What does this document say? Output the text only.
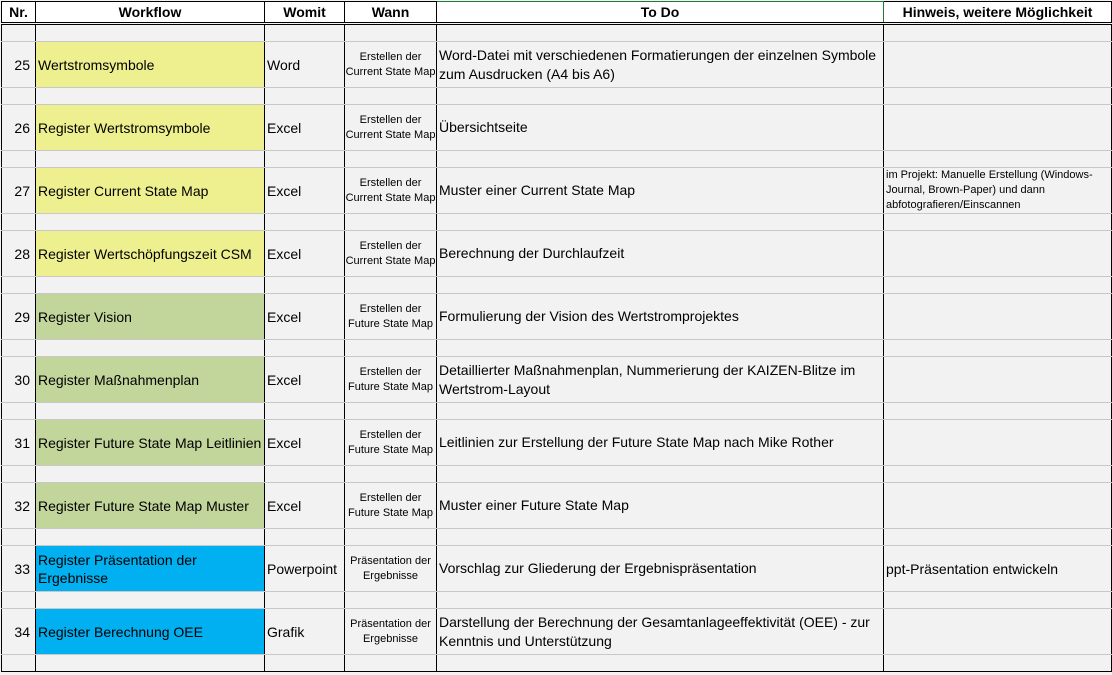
Nr.	Workflow	Womit	Wann	To Do	Hinweis, weitere Möglichkeit

25	Wertstromsymbole	Word	Erstellen der Current State Map	Word-Datei mit verschiedenen Formatierungen der einzelnen Symbole zum Ausdrucken (A4 bis A6)	

26	Register Wertstromsymbole	Excel	Erstellen der Current State Map	Übersichtseite	

27	Register Current State Map	Excel	Erstellen der Current State Map	Muster einer Current State Map	im Projekt: Manuelle Erstellung (Windows-Journal, Brown-Paper) und dann abfotografieren/Einscannen

28	Register Wertschöpfungszeit CSM	Excel	Erstellen der Current State Map	Berechnung der Durchlaufzeit	

29	Register Vision	Excel	Erstellen der Future State Map	Formulierung der Vision des Wertstromprojektes	

30	Register Maßnahmenplan	Excel	Erstellen der Future State Map	Detaillierter Maßnahmenplan, Nummerierung der KAIZEN-Blitze im Wertstrom-Layout	

31	Register Future State Map Leitlinien	Excel	Erstellen der Future State Map	Leitlinien zur Erstellung der Future State Map nach Mike Rother	

32	Register Future State Map Muster	Excel	Erstellen der Future State Map	Muster einer Future State Map	

33	Register Präsentation der Ergebnisse	Powerpoint	Präsentation der Ergebnisse	Vorschlag zur Gliederung der Ergebnispräsentation	ppt-Präsentation entwickeln

34	Register Berechnung OEE	Grafik	Präsentation der Ergebnisse	Darstellung der Berechnung der Gesamtanlageeffektivität (OEE) - zur Kenntnis und Unterstützung	
